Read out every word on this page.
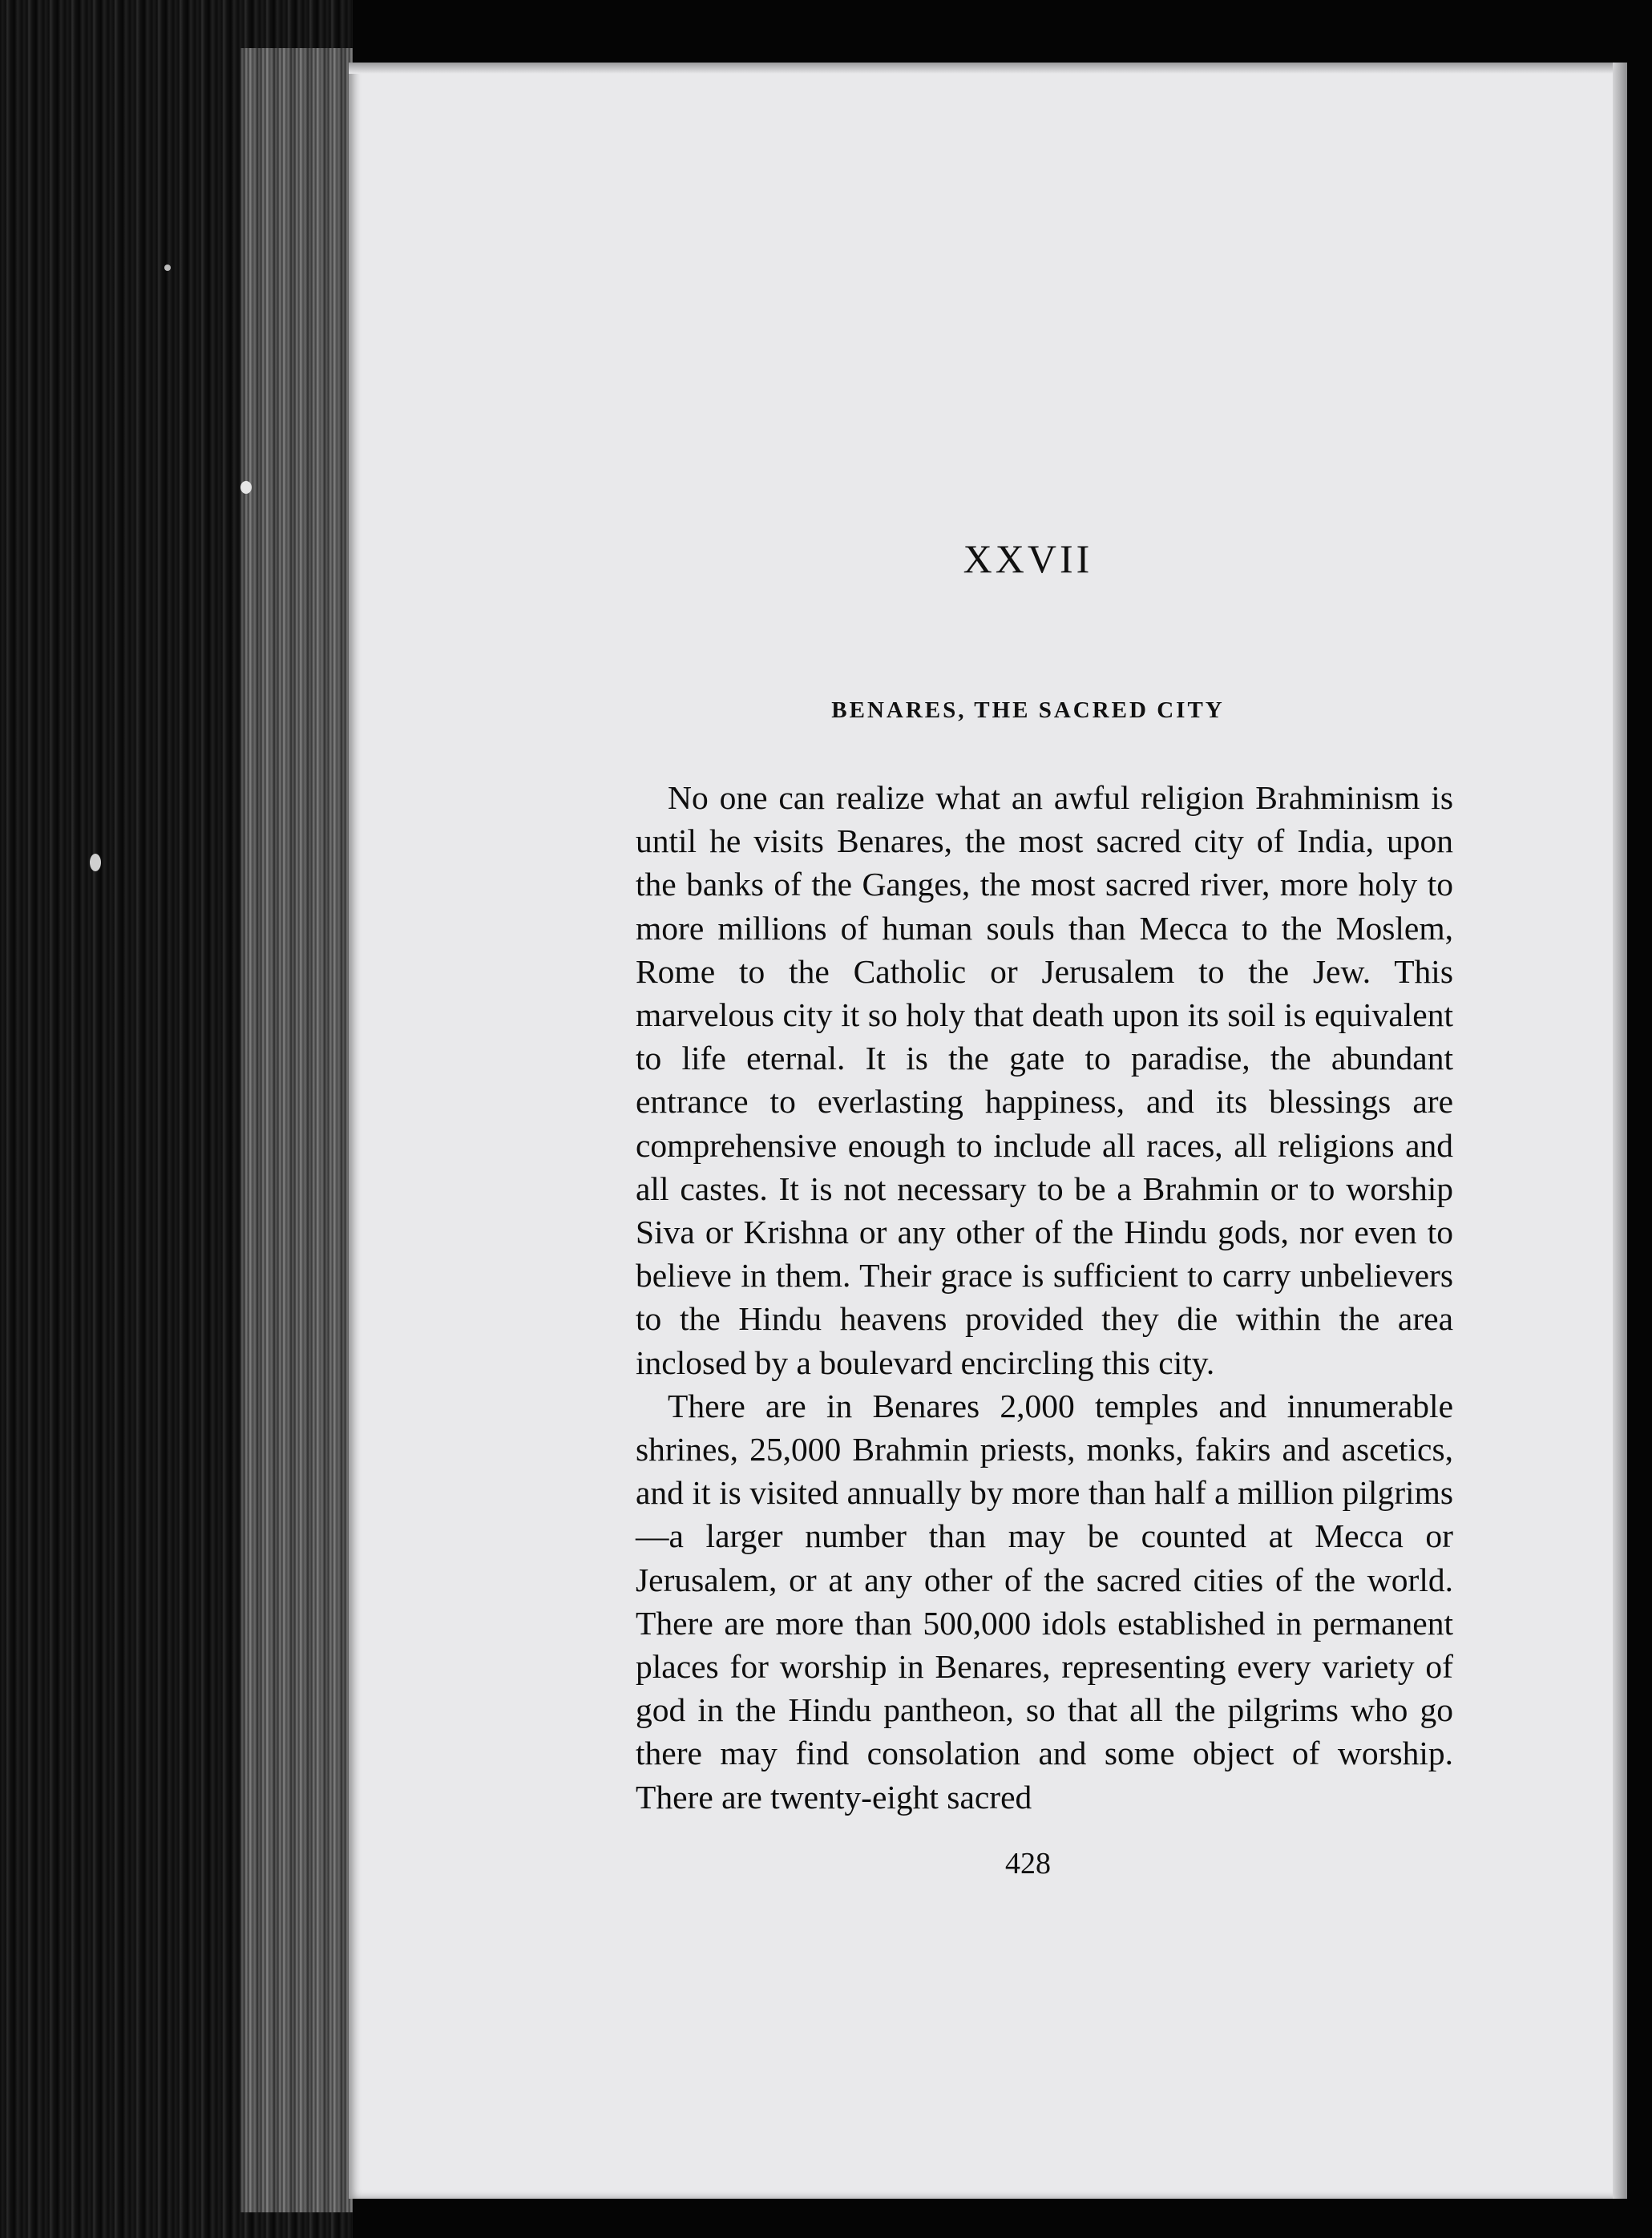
XXVII
BENARES, THE SACRED CITY

No one can realize what an awful religion Brahminism is until he visits Benares, the most sacred city of India, upon the banks of the Ganges, the most sacred river, more holy to more millions of human souls than Mecca to the Moslem, Rome to the Catholic or Jerusalem to the Jew. This marvelous city it so holy that death upon its soil is equivalent to life eternal. It is the gate to paradise, the abundant entrance to everlasting happiness, and its blessings are comprehensive enough to include all races, all religions and all castes. It is not necessary to be a Brahmin or to worship Siva or Krishna or any other of the Hindu gods, nor even to believe in them. Their grace is sufficient to carry unbelievers to the Hindu heavens provided they die within the area inclosed by a boulevard encircling this city.

There are in Benares 2,000 temples and innumerable shrines, 25,000 Brahmin priests, monks, fakirs and ascetics, and it is visited annually by more than half a million pilgrims—a larger number than may be counted at Mecca or Jerusalem, or at any other of the sacred cities of the world. There are more than 500,000 idols established in permanent places for worship in Benares, representing every variety of god in the Hindu pantheon, so that all the pilgrims who go there may find consolation and some object of worship. There are twenty-eight sacred

428
